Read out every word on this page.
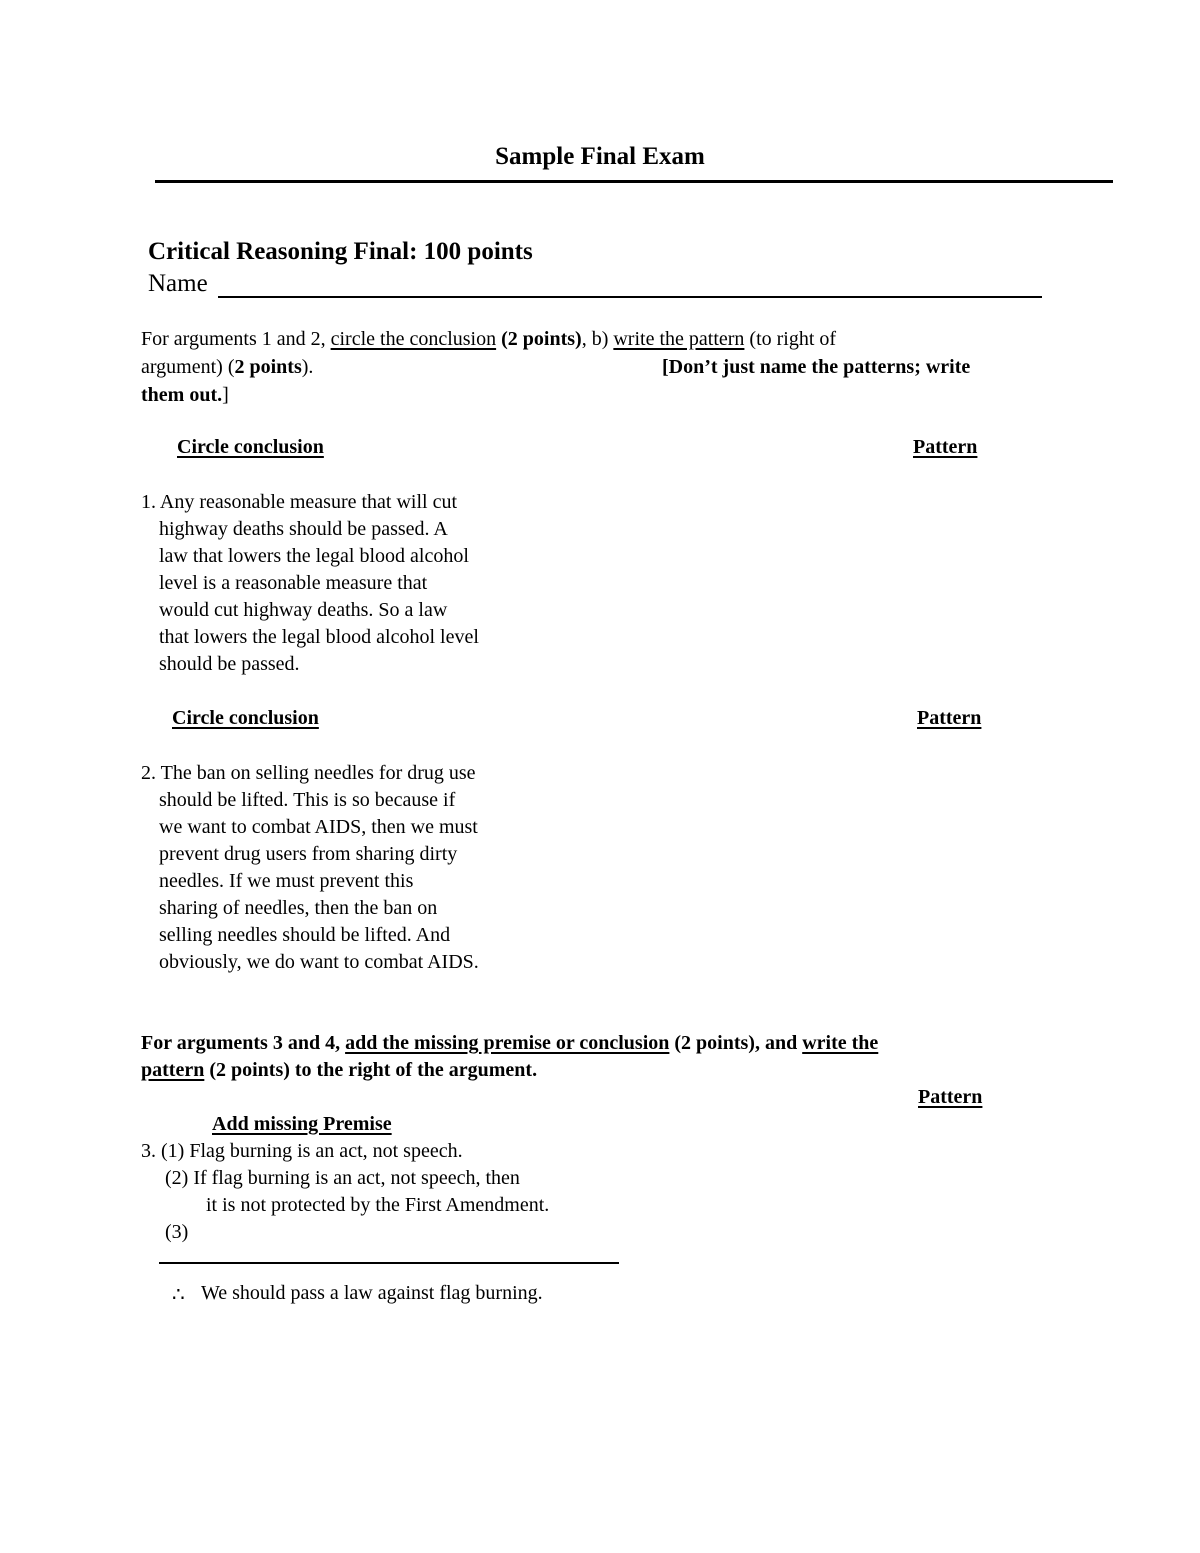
Sample Final Exam
Critical Reasoning Final: 100 points
Name
For arguments 1 and 2, circle the conclusion (2 points), b) write the pattern (to right of
argument) (2 points).	[Don’t just name the patterns; write
them out.]
Circle conclusion	Pattern
1. Any reasonable measure that will cut
highway deaths should be passed. A
law that lowers the legal blood alcohol
level is a reasonable measure that
would cut highway deaths. So a law
that lowers the legal blood alcohol level
should be passed.
Circle conclusion	Pattern
2. The ban on selling needles for drug use
should be lifted. This is so because if
we want to combat AIDS, then we must
prevent drug users from sharing dirty
needles. If we must prevent this
sharing of needles, then the ban on
selling needles should be lifted. And
obviously, we do want to combat AIDS.
For arguments 3 and 4, add the missing premise or conclusion (2 points), and write the
pattern (2 points) to the right of the argument.
Pattern
Add missing Premise
3. (1) Flag burning is an act, not speech.
(2) If flag burning is an act, not speech, then
it is not protected by the First Amendment.
(3)
∴ We should pass a law against flag burning.
